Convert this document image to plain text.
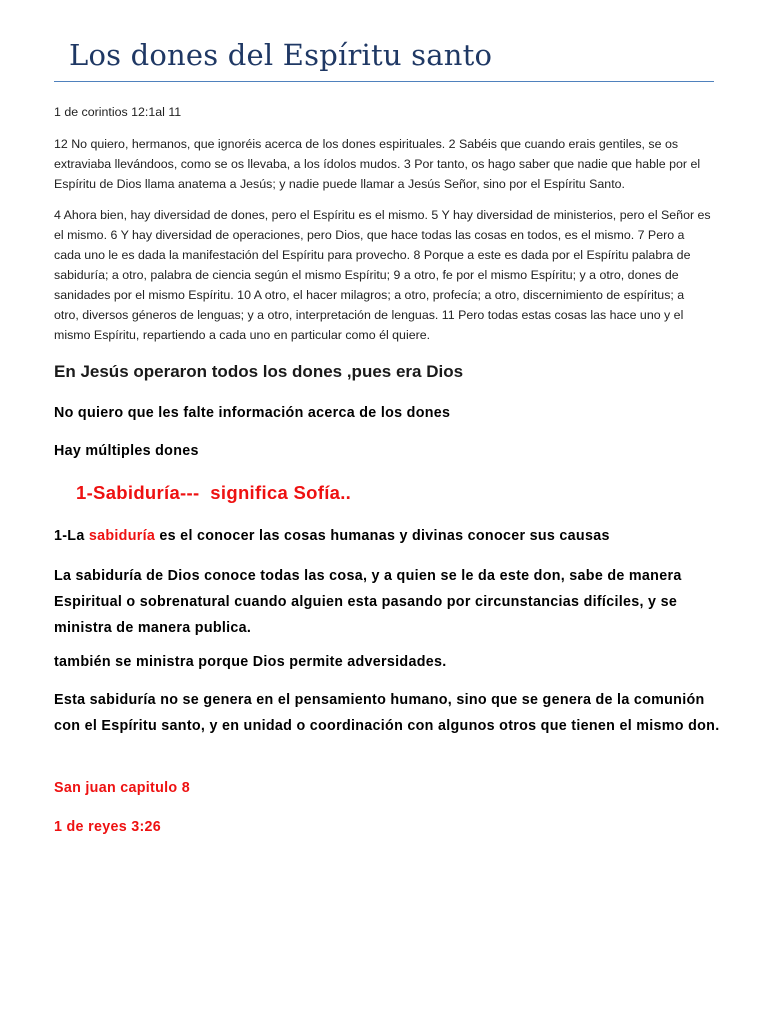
Los dones del Espíritu santo

1 de corintios 12:1al 11

12 No quiero, hermanos, que ignoréis acerca de los dones espirituales. 2 Sabéis que cuando erais gentiles, se os extraviaba llevándoos, como se os llevaba, a los ídolos mudos. 3 Por tanto, os hago saber que nadie que hable por el Espíritu de Dios llama anatema a Jesús; y nadie puede llamar a Jesús Señor, sino por el Espíritu Santo.

4 Ahora bien, hay diversidad de dones, pero el Espíritu es el mismo. 5 Y hay diversidad de ministerios, pero el Señor es el mismo. 6 Y hay diversidad de operaciones, pero Dios, que hace todas las cosas en todos, es el mismo. 7 Pero a cada uno le es dada la manifestación del Espíritu para provecho. 8 Porque a este es dada por el Espíritu palabra de sabiduría; a otro, palabra de ciencia según el mismo Espíritu; 9 a otro, fe por el mismo Espíritu; y a otro, dones de sanidades por el mismo Espíritu. 10 A otro, el hacer milagros; a otro, profecía; a otro, discernimiento de espíritus; a otro, diversos géneros de lenguas; y a otro, interpretación de lenguas. 11 Pero todas estas cosas las hace uno y el mismo Espíritu, repartiendo a cada uno en particular como él quiere.

En Jesús operaron todos los dones ,pues era Dios

No quiero que les falte información acerca de los dones

Hay múltiples dones

1-Sabiduría---  significa Sofía..

1-La sabiduría es el conocer las cosas humanas y divinas conocer sus causas

La sabiduría de Dios conoce todas las cosa, y a quien se le da este don, sabe de manera Espiritual o sobrenatural cuando alguien esta pasando por circunstancias difíciles, y se ministra de manera publica.

también se ministra porque Dios permite adversidades.

Esta sabiduría no se genera en el pensamiento humano, sino que se genera de la comunión con el Espíritu santo, y en unidad o coordinación con algunos otros que tienen el mismo don.

San juan capitulo 8

1 de reyes 3:26
